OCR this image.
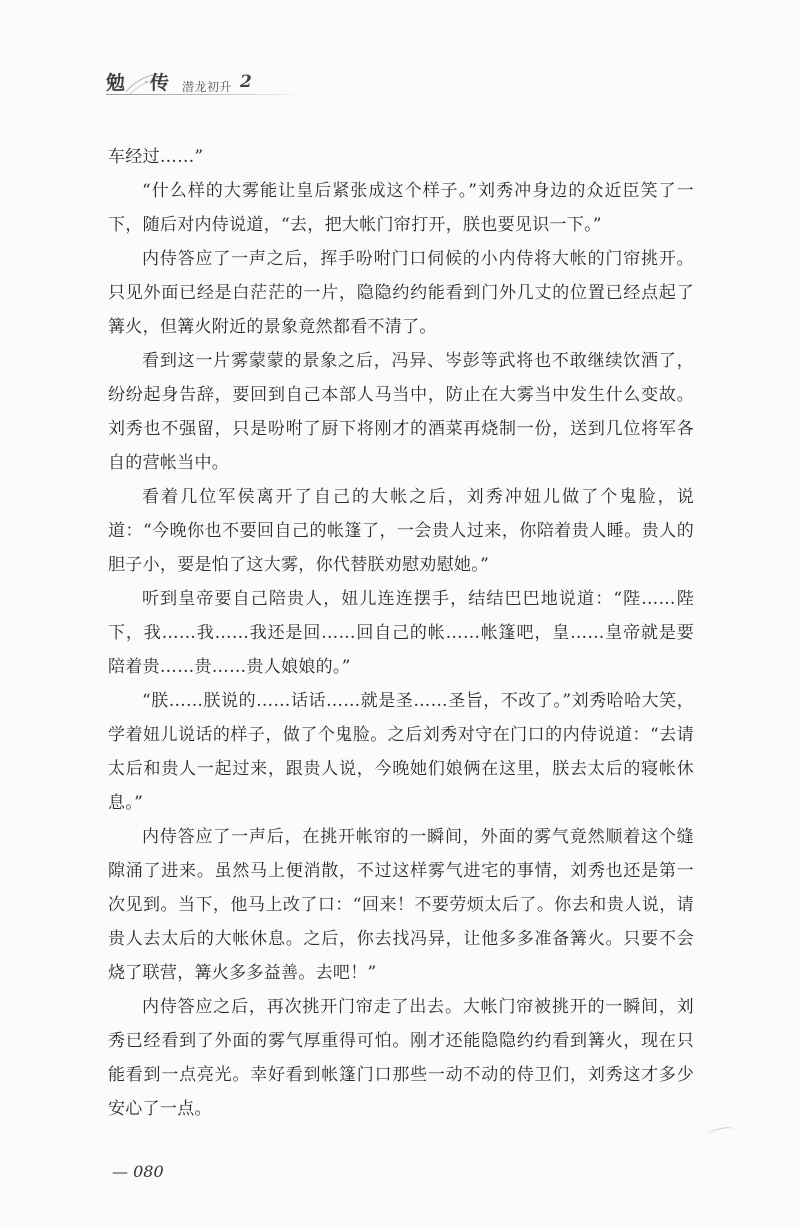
勉 传 潜龙初升 2

车经过……”

“什么样的大雾能让皇后紧张成这个样子。”刘秀冲身边的众近臣笑了一下，随后对内侍说道，“去，把大帐门帘打开，朕也要见识一下。”

内侍答应了一声之后，挥手吩咐门口伺候的小内侍将大帐的门帘挑开。只见外面已经是白茫茫的一片，隐隐约约能看到门外几丈的位置已经点起了篝火，但篝火附近的景象竟然都看不清了。

看到这一片雾蒙蒙的景象之后，冯异、岑彭等武将也不敢继续饮酒了，纷纷起身告辞，要回到自己本部人马当中，防止在大雾当中发生什么变故。刘秀也不强留，只是吩咐了厨下将刚才的酒菜再烧制一份，送到几位将军各自的营帐当中。

看着几位军侯离开了自己的大帐之后，刘秀冲妞儿做了个鬼脸，说道：“今晚你也不要回自己的帐篷了，一会贵人过来，你陪着贵人睡。贵人的胆子小，要是怕了这大雾，你代替朕劝慰劝慰她。”

听到皇帝要自己陪贵人，妞儿连连摆手，结结巴巴地说道：“陛……陛下，我……我……我还是回……回自己的帐……帐篷吧，皇……皇帝就是要陪着贵……贵……贵人娘娘的。”

“朕……朕说的……话话……就是圣……圣旨，不改了。”刘秀哈哈大笑，学着妞儿说话的样子，做了个鬼脸。之后刘秀对守在门口的内侍说道：“去请太后和贵人一起过来，跟贵人说，今晚她们娘俩在这里，朕去太后的寝帐休息。”

内侍答应了一声后，在挑开帐帘的一瞬间，外面的雾气竟然顺着这个缝隙涌了进来。虽然马上便消散，不过这样雾气进宅的事情，刘秀也还是第一次见到。当下，他马上改了口：“回来！不要劳烦太后了。你去和贵人说，请贵人去太后的大帐休息。之后，你去找冯异，让他多多准备篝火。只要不会烧了联营，篝火多多益善。去吧！”

内侍答应之后，再次挑开门帘走了出去。大帐门帘被挑开的一瞬间，刘秀已经看到了外面的雾气厚重得可怕。刚才还能隐隐约约看到篝火，现在只能看到一点亮光。幸好看到帐篷门口那些一动不动的侍卫们，刘秀这才多少安心了一点。

— 080
